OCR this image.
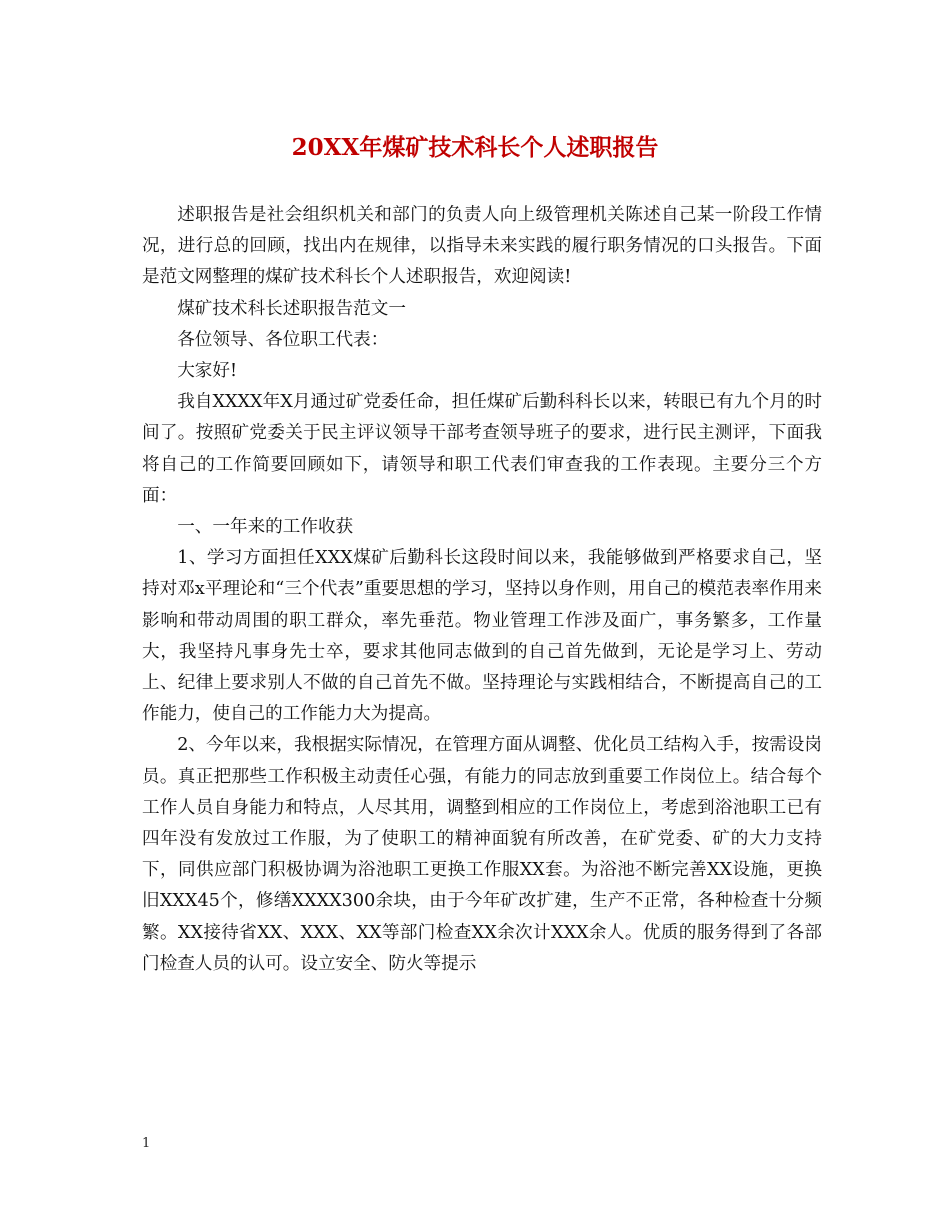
20XX年煤矿技术科长个人述职报告

述职报告是社会组织机关和部门的负责人向上级管理机关陈述自己某一阶段工作情况，进行总的回顾，找出内在规律，以指导未来实践的履行职务情况的口头报告。下面是范文网整理的煤矿技术科长个人述职报告，欢迎阅读!

煤矿技术科长述职报告范文一

各位领导、各位职工代表：

大家好!

我自XXXX年X月通过矿党委任命，担任煤矿后勤科科长以来，转眼已有九个月的时间了。按照矿党委关于民主评议领导干部考查领导班子的要求，进行民主测评，下面我将自己的工作简要回顾如下，请领导和职工代表们审查我的工作表现。主要分三个方面：

一、一年来的工作收获

1、学习方面担任XXX煤矿后勤科长这段时间以来，我能够做到严格要求自己，坚持对邓x平理论和“三个代表”重要思想的学习，坚持以身作则，用自己的模范表率作用来影响和带动周围的职工群众，率先垂范。物业管理工作涉及面广，事务繁多，工作量大，我坚持凡事身先士卒，要求其他同志做到的自己首先做到，无论是学习上、劳动上、纪律上要求别人不做的自己首先不做。坚持理论与实践相结合，不断提高自己的工作能力，使自己的工作能力大为提高。

2、今年以来，我根据实际情况，在管理方面从调整、优化员工结构入手，按需设岗员。真正把那些工作积极主动责任心强，有能力的同志放到重要工作岗位上。结合每个工作人员自身能力和特点，人尽其用，调整到相应的工作岗位上，考虑到浴池职工已有四年没有发放过工作服，为了使职工的精神面貌有所改善，在矿党委、矿的大力支持下，同供应部门积极协调为浴池职工更换工作服XX套。为浴池不断完善XX设施，更换旧XXX45个，修缮XXXX300余块，由于今年矿改扩建，生产不正常，各种检查十分频繁。XX接待省XX、XXX、XX等部门检查XX余次计XXX余人。优质的服务得到了各部门检查人员的认可。设立安全、防火等提示

1
